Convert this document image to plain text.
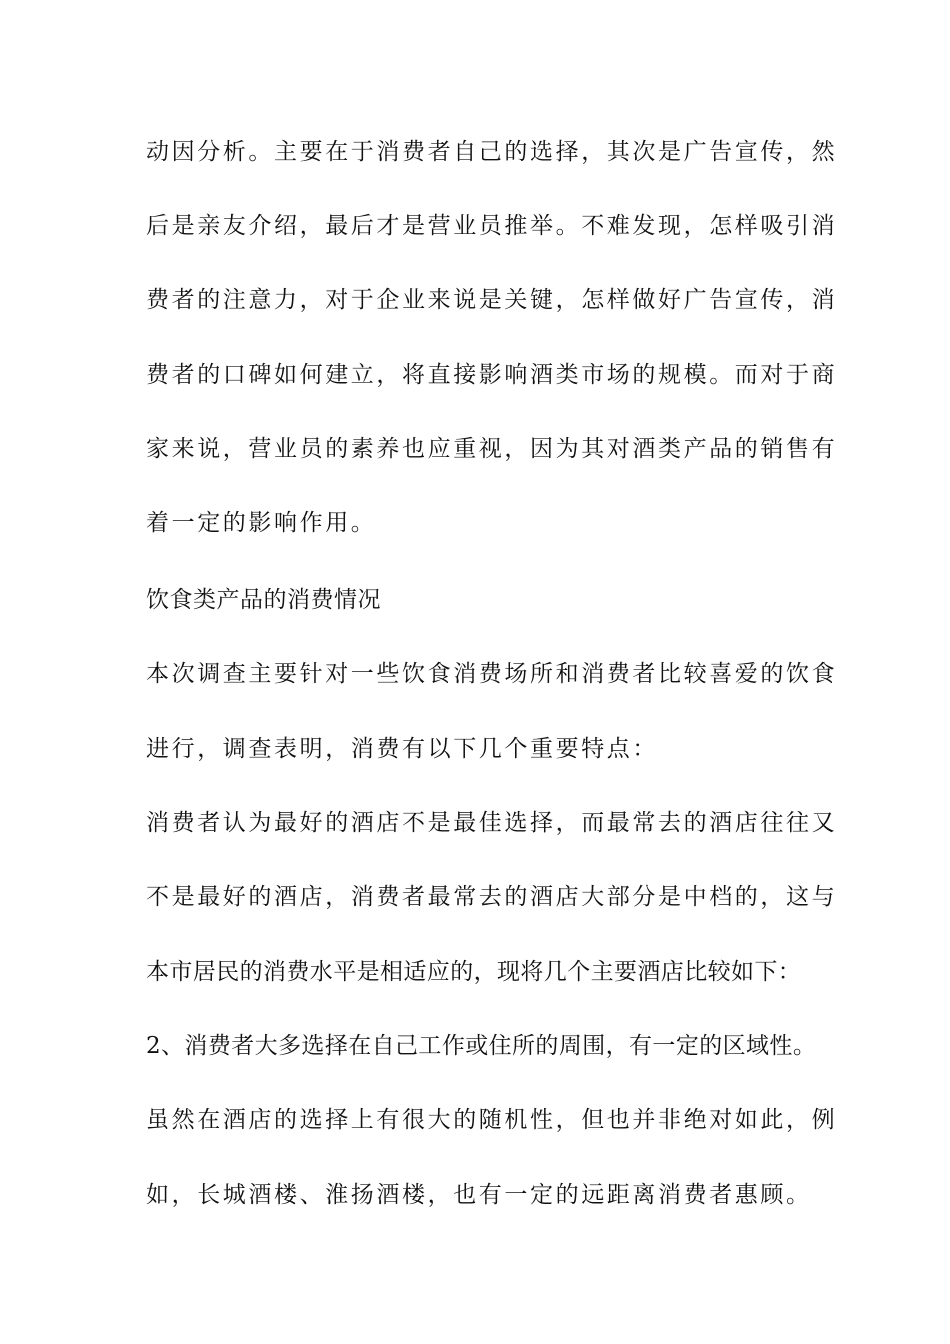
动因分析。主要在于消费者自己的选择，其次是广告宣传，然
后是亲友介绍，最后才是营业员推举。不难发现，怎样吸引消
费者的注意力，对于企业来说是关键，怎样做好广告宣传，消
费者的口碑如何建立，将直接影响酒类市场的规模。而对于商
家来说，营业员的素养也应重视，因为其对酒类产品的销售有
着一定的影响作用。
饮食类产品的消费情况
本次调查主要针对一些饮食消费场所和消费者比较喜爱的饮食
进行，调查表明，消费有以下几个重要特点：
消费者认为最好的酒店不是最佳选择，而最常去的酒店往往又
不是最好的酒店，消费者最常去的酒店大部分是中档的，这与
本市居民的消费水平是相适应的，现将几个主要酒店比较如下：
2、消费者大多选择在自己工作或住所的周围，有一定的区域性。
虽然在酒店的选择上有很大的随机性，但也并非绝对如此，例
如，长城酒楼、淮扬酒楼，也有一定的远距离消费者惠顾。
